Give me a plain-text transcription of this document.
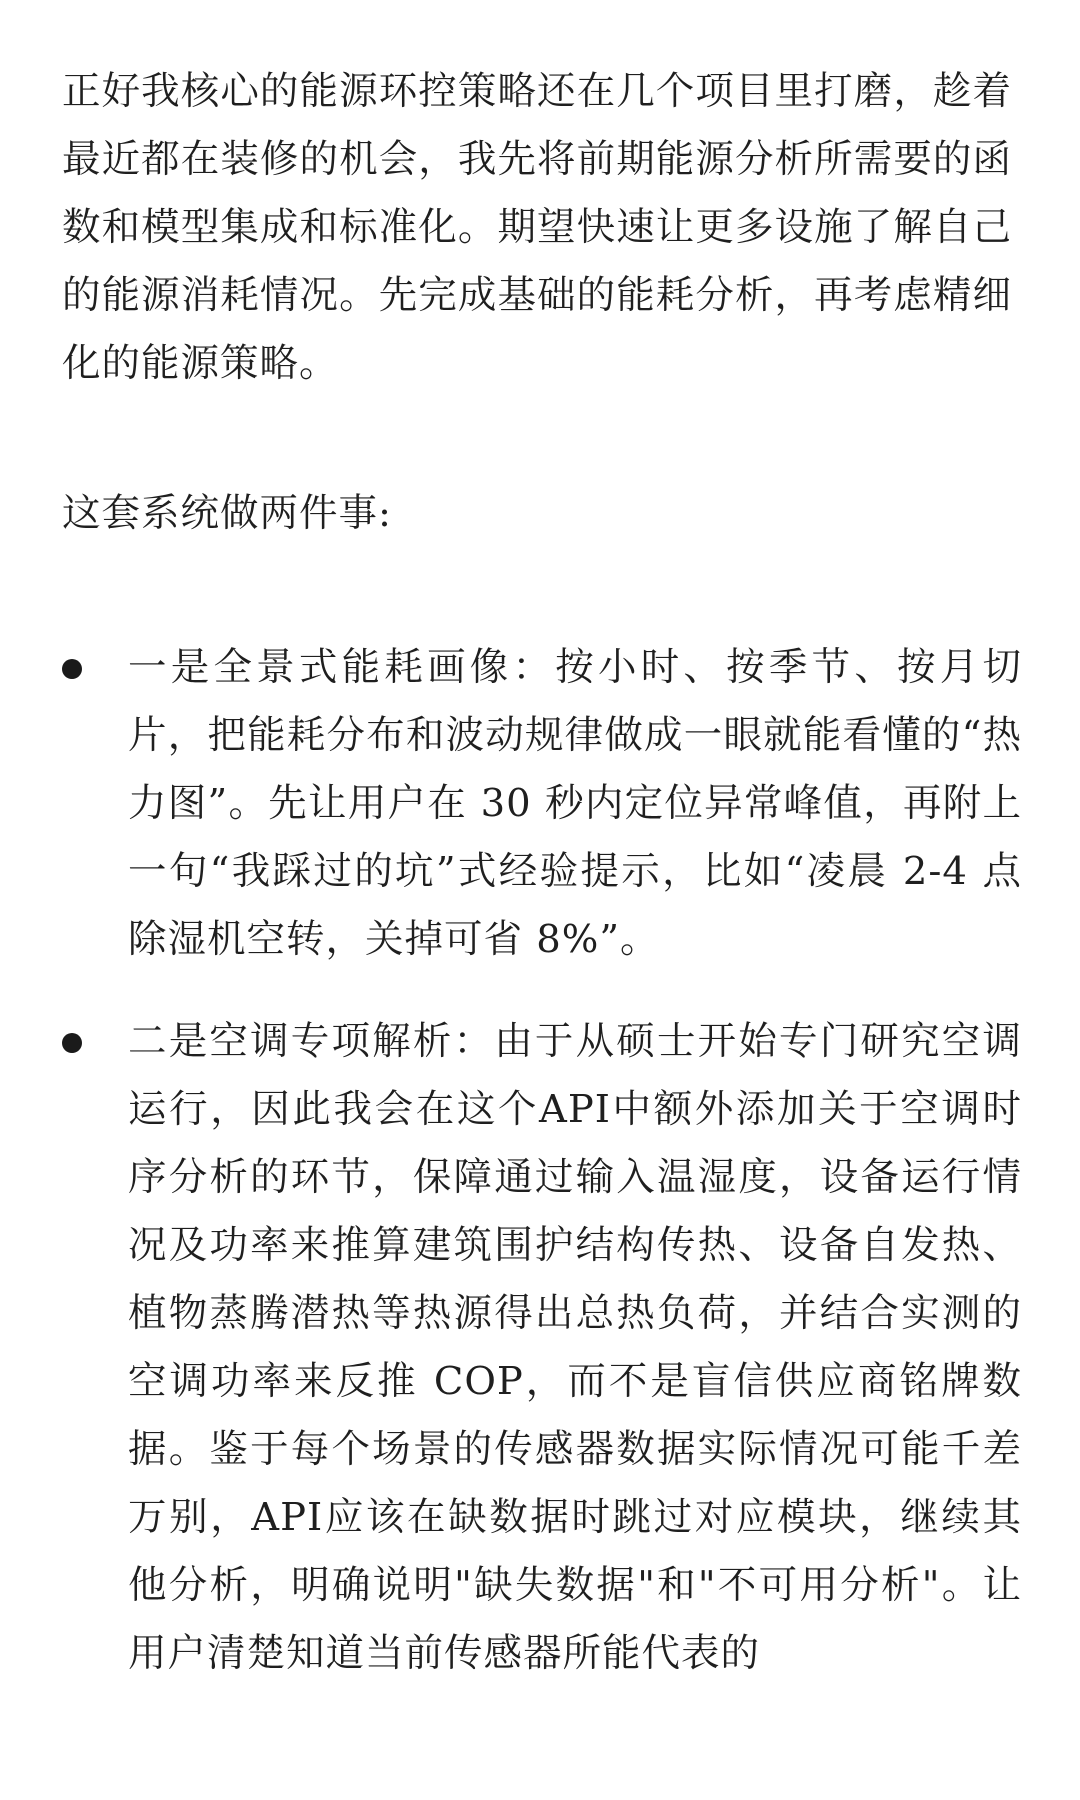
正好我核心的能源环控策略还在几个项目里打磨，趁着最近都在装修的机会，我先将前期能源分析所需要的函数和模型集成和标准化。期望快速让更多设施了解自己的能源消耗情况。先完成基础的能耗分析，再考虑精细化的能源策略。

这套系统做两件事:

一是全景式能耗画像：按小时、按季节、按月切片，把能耗分布和波动规律做成一眼就能看懂的“热力图”。先让用户在 30 秒内定位异常峰值，再附上一句“我踩过的坑”式经验提示，比如“凌晨 2-4 点除湿机空转，关掉可省 8%”。

二是空调专项解析：由于从硕士开始专门研究空调运行，因此我会在这个API中额外添加关于空调时序分析的环节，保障通过输入温湿度，设备运行情况及功率来推算建筑围护结构传热、设备自发热、植物蒸腾潜热等热源得出总热负荷，并结合实测的空调功率来反推 COP，而不是盲信供应商铭牌数据。鉴于每个场景的传感器数据实际情况可能千差万别，API应该在缺数据时跳过对应模块，继续其他分析，明确说明"缺失数据"和"不可用分析"。让用户清楚知道当前传感器所能代表的
